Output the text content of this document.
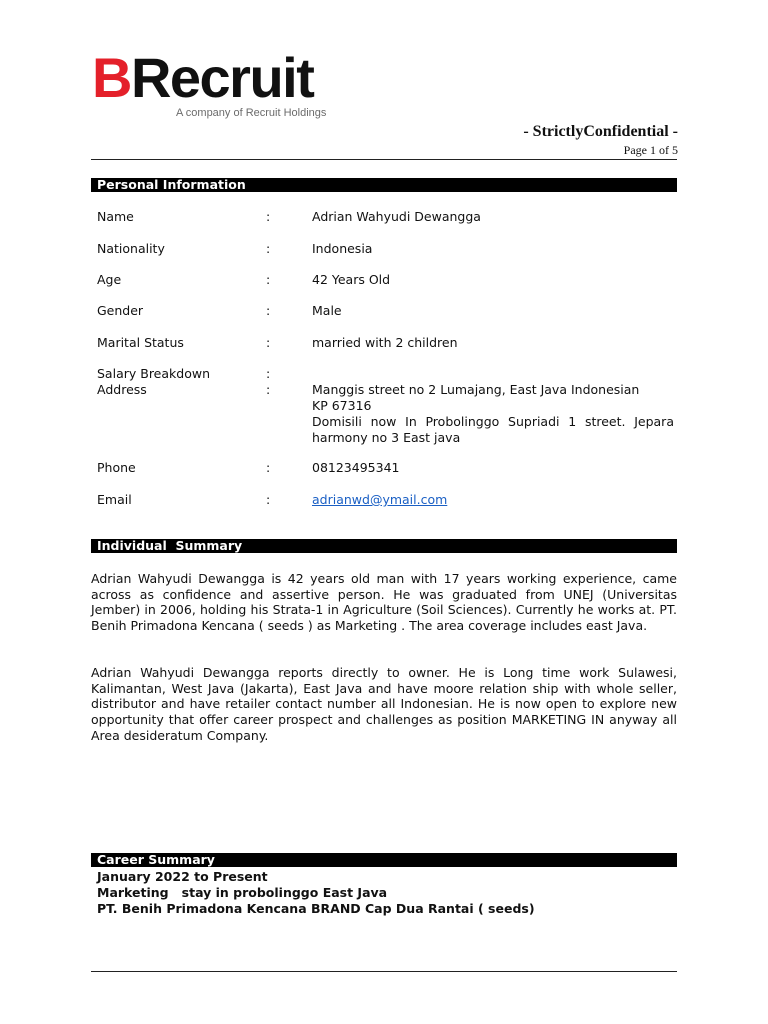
BRecruit
A company of Recruit Holdings
- StrictlyConfidential -
Page 1 of 5
Personal Information
Name	:	Adrian Wahyudi Dewangga
Nationality	:	Indonesia
Age	:	42 Years Old
Gender	:	Male
Marital Status	:	married with 2 children
Salary Breakdown	:
Address	:	Manggis street no 2 Lumajang, East Java Indonesian
KP 67316
Domisili now In Probolinggo Supriadi 1 street. Jepara harmony no 3 East java
Phone	:	08123495341
Email	:	adrianwd@ymail.com
Individual  Summary
Adrian Wahyudi Dewangga is 42 years old man with 17 years working experience, came across as confidence and assertive person. He was graduated from UNEJ (Universitas Jember) in 2006, holding his Strata-1 in Agriculture (Soil Sciences). Currently he works at. PT. Benih Primadona Kencana ( seeds ) as Marketing . The area coverage includes east Java.
Adrian Wahyudi Dewangga reports directly to owner. He is Long time work Sulawesi, Kalimantan, West Java (Jakarta), East Java and have moore relation ship with whole seller, distributor and have retailer contact number all Indonesian. He is now open to explore new opportunity that offer career prospect and challenges as position MARKETING IN anyway all Area desideratum Company.
Career Summary
January 2022 to Present
Marketing   stay in probolinggo East Java
PT. Benih Primadona Kencana BRAND Cap Dua Rantai ( seeds)
